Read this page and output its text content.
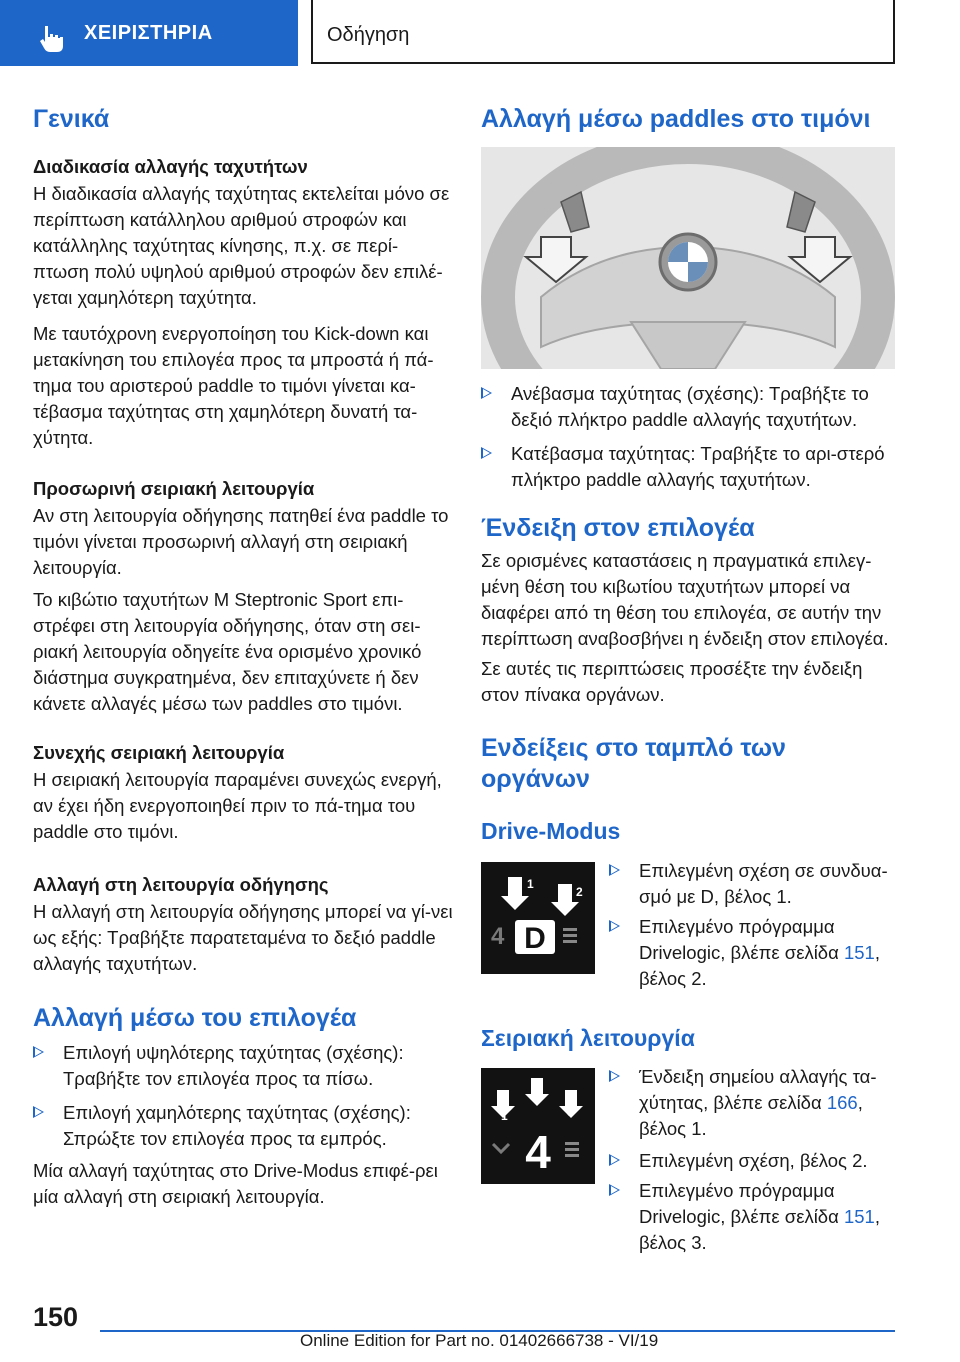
ΧΕΙΡΙΣΤΗΡΙΑ	Οδήγηση
Γενικά
Διαδικασία αλλαγής ταχυτήτων

Η διαδικασία αλλαγής ταχύτητας εκτελείται μόνο σε περίπτωση κατάλληλου αριθμού στροφών και κατάλληλης ταχύτητας κίνησης, π.χ. σε περί-πτωση πολύ υψηλού αριθμού στροφών δεν επιλέ-γεται χαμηλότερη ταχύτητα.

Με ταυτόχρονη ενεργοποίηση του Kick-down και μετακίνηση του επιλογέα προς τα μπροστά ή πά-τημα του αριστερού paddle το τιμόνι γίνεται κα-τέβασμα ταχύτητας στη χαμηλότερη δυνατή τα-χύτητα.

Προσωρινή σειριακή λειτουργία

Αν στη λειτουργία οδήγησης πατηθεί ένα paddle το τιμόνι γίνεται προσωρινή αλλαγή στη σειριακή λειτουργία.

Το κιβώτιο ταχυτήτων M Steptronic Sport επι-στρέφει στη λειτουργία οδήγησης, όταν στη σει-ριακή λειτουργία οδηγείτε ένα ορισμένο χρονικό διάστημα συγκρατημένα, δεν επιταχύνετε ή δεν κάνετε αλλαγές μέσω των paddles στο τιμόνι.

Συνεχής σειριακή λειτουργία

Η σειριακή λειτουργία παραμένει συνεχώς ενεργή, αν έχει ήδη ενεργοποιηθεί πριν το πά-τημα του paddle στο τιμόνι.

Αλλαγή στη λειτουργία οδήγησης

Η αλλαγή στη λειτουργία οδήγησης μπορεί να γί-νει ως εξής: Τραβήξτε παρατεταμένα το δεξιό paddle αλλαγής ταχυτήτων.

Αλλαγή μέσω του επιλογέα
Επιλογή υψηλότερης ταχύτητας (σχέσης): Τραβήξτε τον επιλογέα προς τα πίσω.
Επιλογή χαμηλότερης ταχύτητας (σχέσης): Σπρώξτε τον επιλογέα προς τα εμπρός.

Μία αλλαγή ταχύτητας στο Drive-Modus επιφέ-ρει μία αλλαγή στη σειριακή λειτουργία.

Αλλαγή μέσω paddles στο τιμόνι
Ανέβασμα ταχύτητας (σχέσης): Τραβήξτε το δεξιό πλήκτρο paddle αλλαγής ταχυτήτων.
Κατέβασμα ταχύτητας: Τραβήξτε το αρι-στερό πλήκτρο paddle αλλαγής ταχυτήτων.
Ένδειξη στον επιλογέα

Σε ορισμένες καταστάσεις η πραγματικά επιλεγ-μένη θέση του κιβωτίου ταχυτήτων μπορεί να διαφέρει από τη θέση του επιλογέα, σε αυτήν την περίπτωση αναβοσβήνει η ένδειξη στον επιλογέα.

Σε αυτές τις περιπτώσεις προσέξτε την ένδειξη στον πίνακα οργάνων.

Ενδείξεις στο ταμπλό των
οργάνων
Drive-Modus
1
2
4 D
Επιλεγμένη σχέση σε συνδυα-σμό με D, βέλος 1.
Επιλεγμένο πρόγραμμα Drivelogic, βλέπε σελίδα 151, βέλος 2.
Σειριακή λειτουργία
1
2
3
4
Ένδειξη σημείου αλλαγής τα-χύτητας, βλέπε σελίδα 166, βέλος 1.
Επιλεγμένη σχέση, βέλος 2.
Επιλεγμένο πρόγραμμα Drivelogic, βλέπε σελίδα 151, βέλος 3.
150
Online Edition for Part no. 01402666738 - VI/19
